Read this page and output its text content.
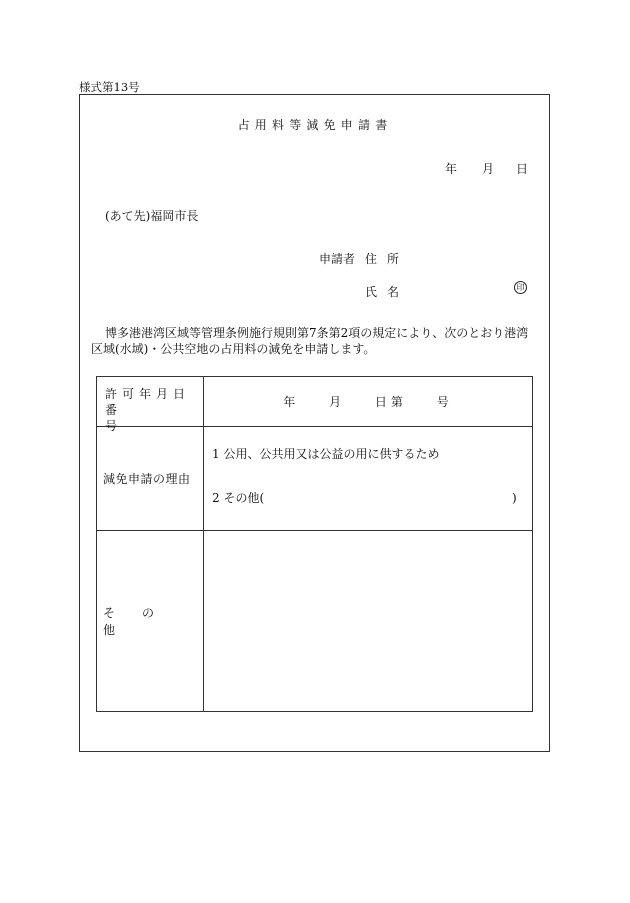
様式第13号
占用料等減免申請書
年 月 日
(あて先)福岡市長
申請者 住所
氏名	印
博多港港湾区域等管理条例施行規則第7条第2項の規定により、次のとおり港湾区域(水域)・公共空地の占用料の減免を申請します。
許可年月日
番号	年 月 日第 号
減免申請の理由	1 公用、公共用又は公益の用に供するため
2 その他( )

その他	
